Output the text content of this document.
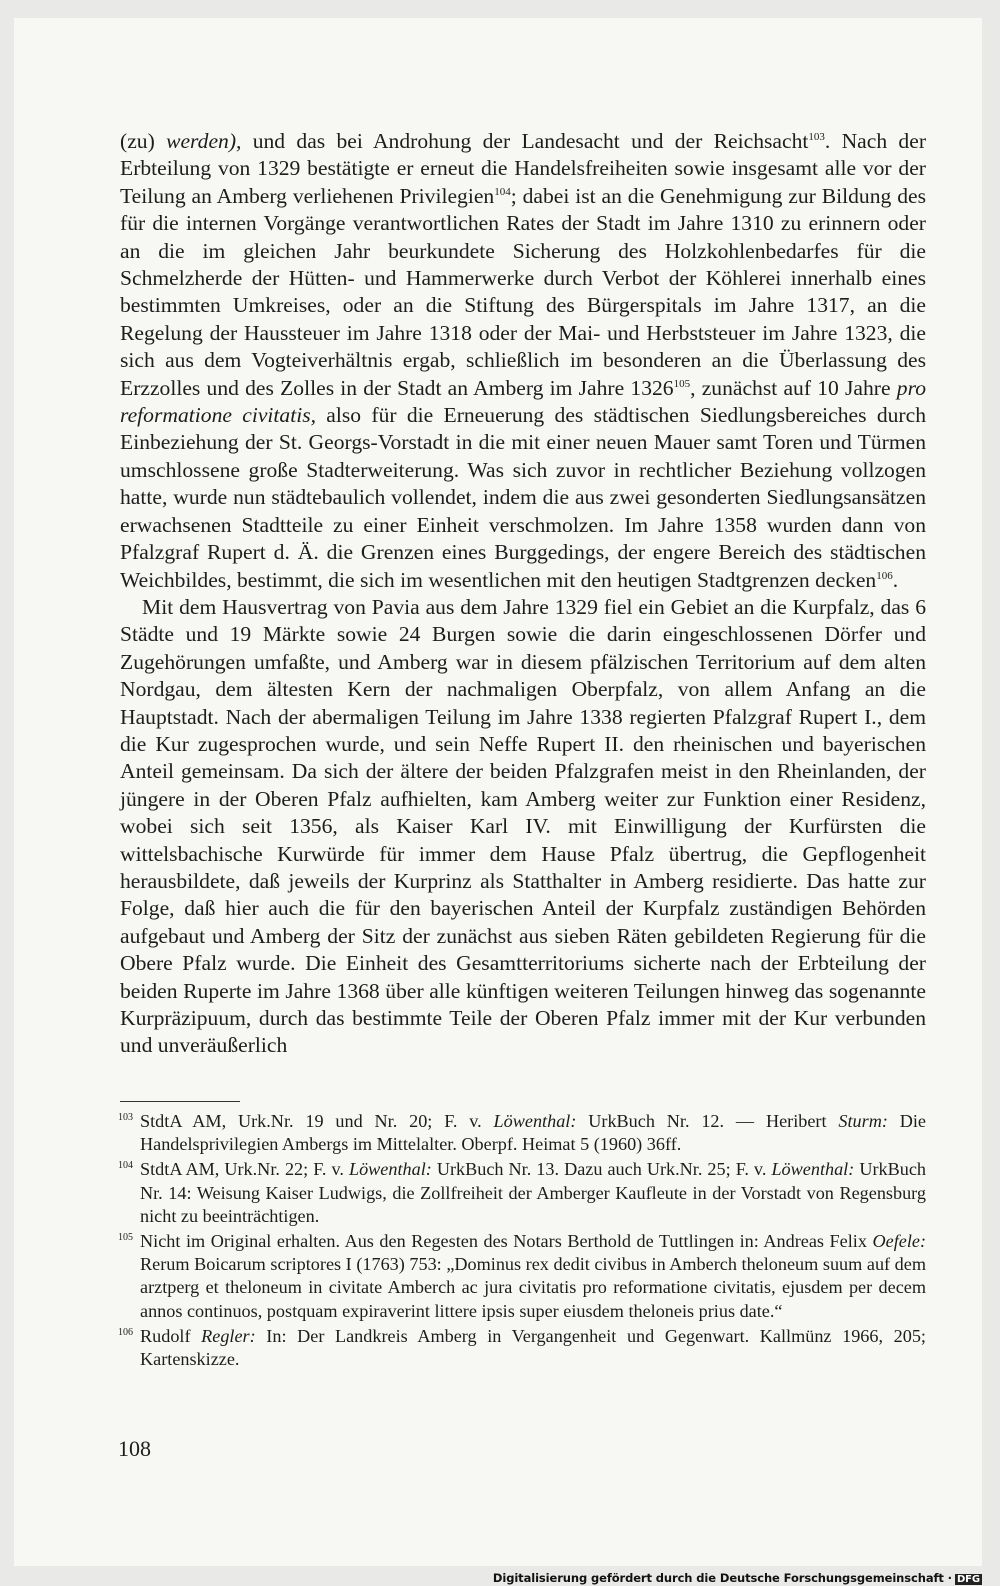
(zu) werden), und das bei Androhung der Landesacht und der Reichsacht$^{103}$. Nach der Erbteilung von 1329 bestätigte er erneut die Handelsfreiheiten sowie insgesamt alle vor der Teilung an Amberg verliehenen Privilegien$^{104}$; dabei ist an die Genehmigung zur Bildung des für die internen Vorgänge verantwortlichen Rates der Stadt im Jahre 1310 zu erinnern oder an die im gleichen Jahr beurkundete Sicherung des Holzkohlenbedarfes für die Schmelzherde der Hütten- und Hammerwerke durch Verbot der Köhlerei innerhalb eines bestimmten Umkreises, oder an die Stiftung des Bürgerspitals im Jahre 1317, an die Regelung der Haussteuer im Jahre 1318 oder der Mai- und Herbststeuer im Jahre 1323, die sich aus dem Vogteiverhältnis ergab, schließlich im besonderen an die Überlassung des Erzzolles und des Zolles in der Stadt an Amberg im Jahre 1326$^{105}$, zunächst auf 10 Jahre pro reformatione civitatis, also für die Erneuerung des städtischen Siedlungsbereiches durch Einbeziehung der St. Georgs-Vorstadt in die mit einer neuen Mauer samt Toren und Türmen umschlossene große Stadterweiterung. Was sich zuvor in rechtlicher Beziehung vollzogen hatte, wurde nun städtebaulich vollendet, indem die aus zwei gesonderten Siedlungsansätzen erwachsenen Stadtteile zu einer Einheit verschmolzen. Im Jahre 1358 wurden dann von Pfalzgraf Rupert d. Ä. die Grenzen eines Burggedings, der engere Bereich des städtischen Weichbildes, bestimmt, die sich im wesentlichen mit den heutigen Stadtgrenzen decken$^{106}$.

Mit dem Hausvertrag von Pavia aus dem Jahre 1329 fiel ein Gebiet an die Kurpfalz, das 6 Städte und 19 Märkte sowie 24 Burgen sowie die darin eingeschlossenen Dörfer und Zugehörungen umfaßte, und Amberg war in diesem pfälzischen Territorium auf dem alten Nordgau, dem ältesten Kern der nachmaligen Oberpfalz, von allem Anfang an die Hauptstadt. Nach der abermaligen Teilung im Jahre 1338 regierten Pfalzgraf Rupert I., dem die Kur zugesprochen wurde, und sein Neffe Rupert II. den rheinischen und bayerischen Anteil gemeinsam. Da sich der ältere der beiden Pfalzgrafen meist in den Rheinlanden, der jüngere in der Oberen Pfalz aufhielten, kam Amberg weiter zur Funktion einer Residenz, wobei sich seit 1356, als Kaiser Karl IV. mit Einwilligung der Kurfürsten die wittelsbachische Kurwürde für immer dem Hause Pfalz übertrug, die Gepflogenheit herausbildete, daß jeweils der Kurprinz als Statthalter in Amberg residierte. Das hatte zur Folge, daß hier auch die für den bayerischen Anteil der Kurpfalz zuständigen Behörden aufgebaut und Amberg der Sitz der zunächst aus sieben Räten gebildeten Regierung für die Obere Pfalz wurde. Die Einheit des Gesamtterritoriums sicherte nach der Erbteilung der beiden Ruperte im Jahre 1368 über alle künftigen weiteren Teilungen hinweg das sogenannte Kurpräzipuum, durch das bestimmte Teile der Oberen Pfalz immer mit der Kur verbunden und unveräußerlich

103 StdtA AM, Urk.Nr. 19 und Nr. 20; F. v. Löwenthal: UrkBuch Nr. 12. — Heribert Sturm: Die Handelsprivilegien Ambergs im Mittelalter. Oberpf. Heimat 5 (1960) 36ff.
104 StdtA AM, Urk.Nr. 22; F. v. Löwenthal: UrkBuch Nr. 13. Dazu auch Urk.Nr. 25; F. v. Löwenthal: UrkBuch Nr. 14: Weisung Kaiser Ludwigs, die Zollfreiheit der Amberger Kaufleute in der Vorstadt von Regensburg nicht zu beeinträchtigen.
105 Nicht im Original erhalten. Aus den Regesten des Notars Berthold de Tuttlingen in: Andreas Felix Oefele: Rerum Boicarum scriptores I (1763) 753: „Dominus rex dedit civibus in Amberch theloneum suum auf dem arztperg et theloneum in civitate Amberch ac jura civitatis pro reformatione civitatis, ejusdem per decem annos continuos, postquam expiraverint littere ipsis super eiusdem theloneis prius date.“
106 Rudolf Regler: In: Der Landkreis Amberg in Vergangenheit und Gegenwart. Kallmünz 1966, 205; Kartenskizze.
108
Digitalisierung gefördert durch die Deutsche Forschungsgemeinschaft · DFG
